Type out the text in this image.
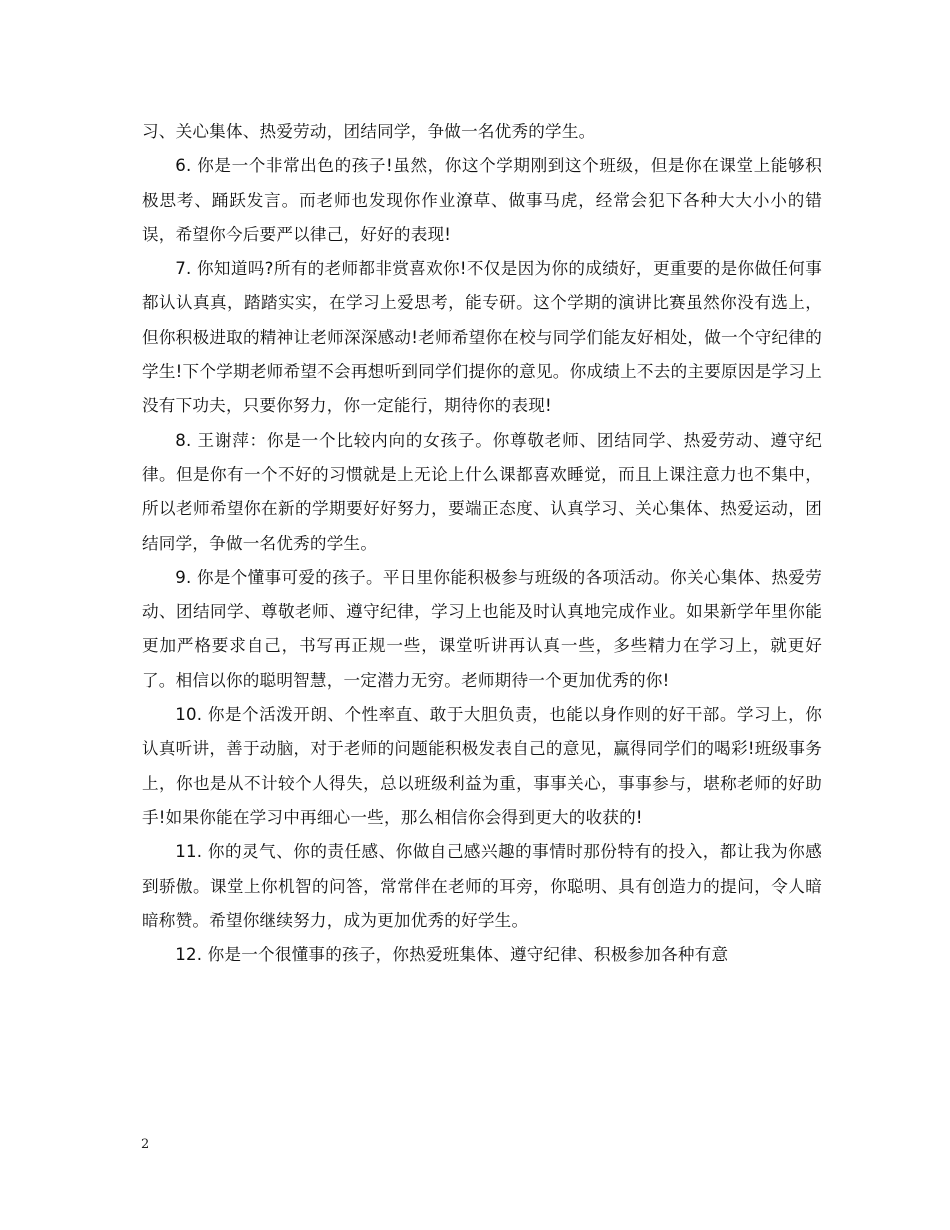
习、关心集体、热爱劳动，团结同学，争做一名优秀的学生。

6. 你是一个非常出色的孩子!虽然，你这个学期刚到这个班级，但是你在课堂上能够积极思考、踊跃发言。而老师也发现你作业潦草、做事马虎，经常会犯下各种大大小小的错误，希望你今后要严以律己，好好的表现!

7. 你知道吗?所有的老师都非赏喜欢你!不仅是因为你的成绩好，更重要的是你做任何事都认认真真，踏踏实实，在学习上爱思考，能专研。这个学期的演讲比赛虽然你没有选上，但你积极进取的精神让老师深深感动!老师希望你在校与同学们能友好相处，做一个守纪律的学生!下个学期老师希望不会再想听到同学们提你的意见。你成绩上不去的主要原因是学习上没有下功夫，只要你努力，你一定能行，期待你的表现!

8. 王谢萍：你是一个比较内向的女孩子。你尊敬老师、团结同学、热爱劳动、遵守纪律。但是你有一个不好的习惯就是上无论上什么课都喜欢睡觉，而且上课注意力也不集中，所以老师希望你在新的学期要好好努力，要端正态度、认真学习、关心集体、热爱运动，团结同学，争做一名优秀的学生。

9. 你是个懂事可爱的孩子。平日里你能积极参与班级的各项活动。你关心集体、热爱劳动、团结同学、尊敬老师、遵守纪律，学习上也能及时认真地完成作业。如果新学年里你能更加严格要求自己，书写再正规一些，课堂听讲再认真一些，多些精力在学习上，就更好了。相信以你的聪明智慧，一定潜力无穷。老师期待一个更加优秀的你!

10. 你是个活泼开朗、个性率直、敢于大胆负责，也能以身作则的好干部。学习上，你认真听讲，善于动脑，对于老师的问题能积极发表自己的意见，赢得同学们的喝彩!班级事务上，你也是从不计较个人得失，总以班级利益为重，事事关心，事事参与，堪称老师的好助手!如果你能在学习中再细心一些，那么相信你会得到更大的收获的!

11. 你的灵气、你的责任感、你做自己感兴趣的事情时那份特有的投入，都让我为你感到骄傲。课堂上你机智的问答，常常伴在老师的耳旁，你聪明、具有创造力的提问，令人暗暗称赞。希望你继续努力，成为更加优秀的好学生。

12. 你是一个很懂事的孩子，你热爱班集体、遵守纪律、积极参加各种有意

2
